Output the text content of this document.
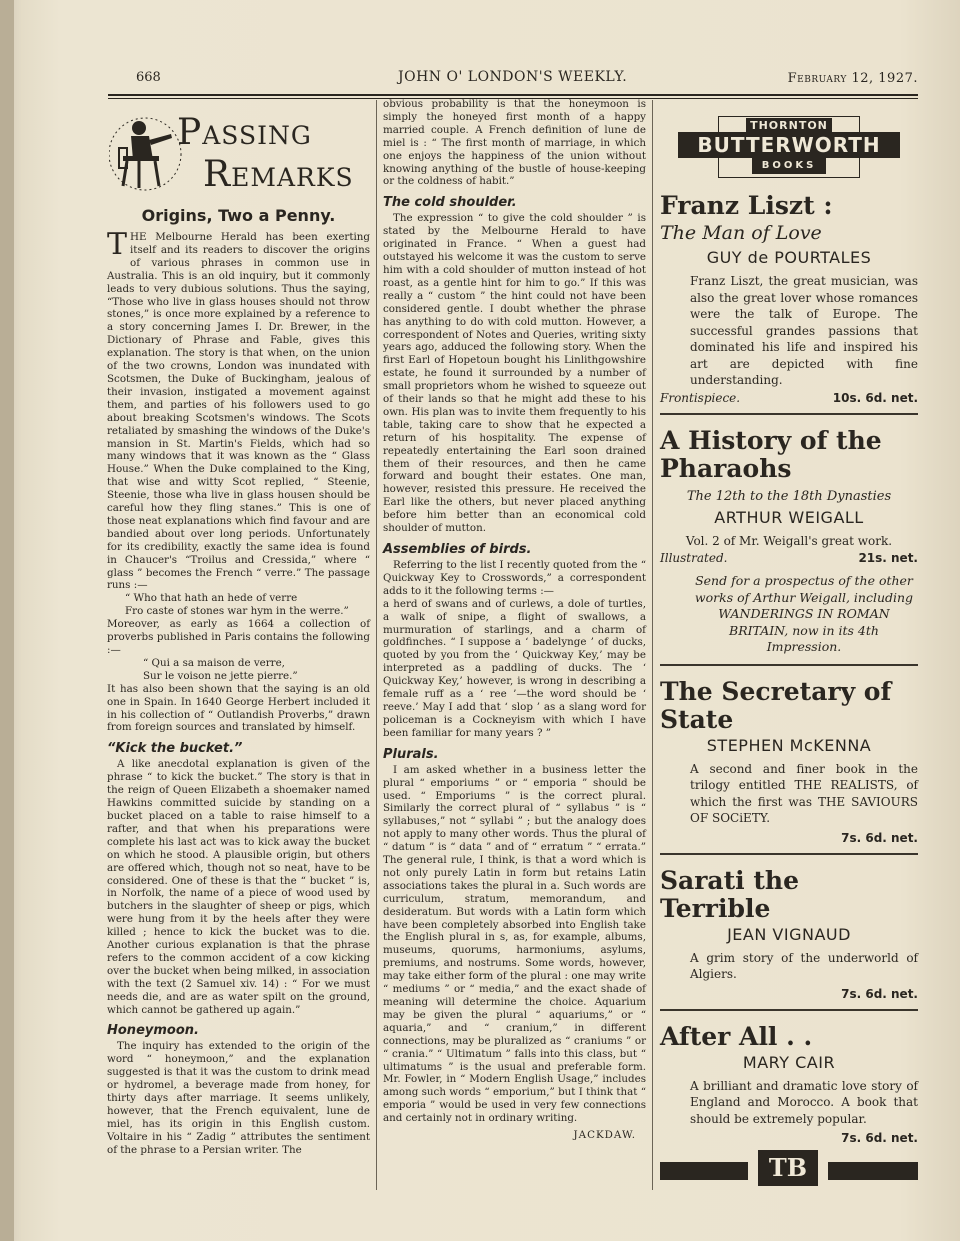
668	JOHN O' LONDON'S WEEKLY.	February 12, 1927.
Passing
Remarks
Origins, Two a Penny.

THE Melbourne Herald has been exerting itself and its readers to discover the origins of various phrases in common use in Australia. This is an old inquiry, but it commonly leads to very dubious solutions. Thus the saying, “Those who live in glass houses should not throw stones,” is once more explained by a reference to a story concerning James I. Dr. Brewer, in the Dictionary of Phrase and Fable, gives this explanation. The story is that when, on the union of the two crowns, London was inundated with Scotsmen, the Duke of Buckingham, jealous of their invasion, instigated a movement against them, and parties of his followers used to go about breaking Scotsmen's windows. The Scots retaliated by smashing the windows of the Duke's mansion in St. Martin's Fields, which had so many windows that it was known as the “ Glass House.” When the Duke complained to the King, that wise and witty Scot replied, “ Steenie, Steenie, those wha live in glass housen should be careful how they fling stanes.” This is one of those neat explanations which find favour and are bandied about over long periods. Unfortunately for its credibility, exactly the same idea is found in Chaucer's “Troilus and Cressida,” where “ glass ” becomes the French “ verre.” The passage runs :—

“ Who that hath an hede of verre

Fro caste of stones war hym in the werre.”

Moreover, as early as 1664 a collection of proverbs published in Paris contains the following :—

“ Qui a sa maison de verre,

Sur le voison ne jette pierre.”

It has also been shown that the saying is an old one in Spain. In 1640 George Herbert included it in his collection of “ Outlandish Proverbs,” drawn from foreign sources and translated by himself.

“Kick the bucket.”

A like anecdotal explanation is given of the phrase “ to kick the bucket.” The story is that in the reign of Queen Elizabeth a shoemaker named Hawkins committed suicide by standing on a bucket placed on a table to raise himself to a rafter, and that when his preparations were complete his last act was to kick away the bucket on which he stood. A plausible origin, but others are offered which, though not so neat, have to be considered. One of these is that the “ bucket ” is, in Norfolk, the name of a piece of wood used by butchers in the slaughter of sheep or pigs, which were hung from it by the heels after they were killed ; hence to kick the bucket was to die. Another curious explanation is that the phrase refers to the common accident of a cow kicking over the bucket when being milked, in association with the text (2 Samuel xiv. 14) : “ For we must needs die, and are as water spilt on the ground, which cannot be gathered up again.”

Honeymoon.

The inquiry has extended to the origin of the word “ honeymoon,” and the explanation suggested is that it was the custom to drink mead or hydromel, a beverage made from honey, for thirty days after marriage. It seems unlikely, however, that the French equivalent, lune de miel, has its origin in this English custom. Voltaire in his “ Zadig ” attributes the sentiment of the phrase to a Persian writer. The

obvious probability is that the honeymoon is simply the honeyed first month of a happy married couple. A French definition of lune de miel is : “ The first month of marriage, in which one enjoys the happiness of the union without knowing anything of the bustle of house-keeping or the coldness of habit.”

The cold shoulder.

The expression “ to give the cold shoulder ” is stated by the Melbourne Herald to have originated in France. “ When a guest had outstayed his welcome it was the custom to serve him with a cold shoulder of mutton instead of hot roast, as a gentle hint for him to go.” If this was really a “ custom ” the hint could not have been considered gentle. I doubt whether the phrase has anything to do with cold mutton. However, a correspondent of Notes and Queries, writing sixty years ago, adduced the following story. When the first Earl of Hopetoun bought his Linlithgowshire estate, he found it surrounded by a number of small proprietors whom he wished to squeeze out of their lands so that he might add these to his own. His plan was to invite them frequently to his table, taking care to show that he expected a return of his hospitality. The expense of repeatedly entertaining the Earl soon drained them of their resources, and then he came forward and bought their estates. One man, however, resisted this pressure. He received the Earl like the others, but never placed anything before him better than an economical cold shoulder of mutton.

Assemblies of birds.

Referring to the list I recently quoted from the “ Quickway Key to Crosswords,” a correspondent adds to it the following terms :—

a herd of swans and of curlews, a dole of turtles, a walk of snipe, a flight of swallows, a murmuration of starlings, and a charm of goldfinches. “ I suppose a ‘ badelynge ’ of ducks, quoted by you from the ‘ Quickway Key,’ may be interpreted as a paddling of ducks. The ‘ Quickway Key,’ however, is wrong in describing a female ruff as a ‘ ree ’—the word should be ‘ reeve.’ May I add that ‘ slop ’ as a slang word for policeman is a Cockneyism with which I have been familiar for many years ? ”

Plurals.

I am asked whether in a business letter the plural “ emporiums ” or “ emporia ” should be used. “ Emporiums ” is the correct plural. Similarly the correct plural of “ syllabus ” is “ syllabuses,” not “ syllabi ” ; but the analogy does not apply to many other words. Thus the plural of “ datum ” is “ data ” and of “ erratum ” “ errata.” The general rule, I think, is that a word which is not only purely Latin in form but retains Latin associations takes the plural in a. Such words are curriculum, stratum, memorandum, and desideratum. But words with a Latin form which have been completely absorbed into English take the English plural in s, as, for example, albums, museums, quorums, harmoniums, asylums, premiums, and nostrums. Some words, however, may take either form of the plural : one may write “ mediums ” or “ media,” and the exact shade of meaning will determine the choice. Aquarium may be given the plural “ aquariums,” or “ aquaria,” and “ cranium,” in different connections, may be pluralized as “ craniums ” or “ crania.” “ Ultimatum ” falls into this class, but “ ultimatums ” is the usual and preferable form. Mr. Fowler, in “ Modern English Usage,” includes among such words “ emporium,” but I think that “ emporia ” would be used in very few connections and certainly not in ordinary writing.

JACKDAW.
THORNTON
BUTTERWORTH
BOOKS

Franz Liszt :

The Man of Love

GUY de POURTALES

Franz Liszt, the great musician, was also the great lover whose romances were the talk of Europe. The successful grandes passions that dominated his life and inspired his art are depicted with fine understanding.

Frontispiece.	10s. 6d. net.

A History of the Pharaohs

The 12th to the 18th Dynasties

ARTHUR WEIGALL

Vol. 2 of Mr. Weigall's great work.

Illustrated.	21s. net.

Send for a prospectus of the other works of Arthur Weigall, including WANDERINGS IN ROMAN BRITAIN, now in its 4th Impression.

The Secretary of State

STEPHEN McKENNA

A second and finer book in the trilogy entitled THE REALISTS, of which the first was THE SAVIOURS OF SOCiETY.

7s. 6d. net.

Sarati the Terrible

JEAN VIGNAUD

A grim story of the underworld of Algiers.

7s. 6d. net.

After All . .

MARY CAIR

A brilliant and dramatic love story of England and Morocco. A book that should be extremely popular.

7s. 6d. net.
TB
